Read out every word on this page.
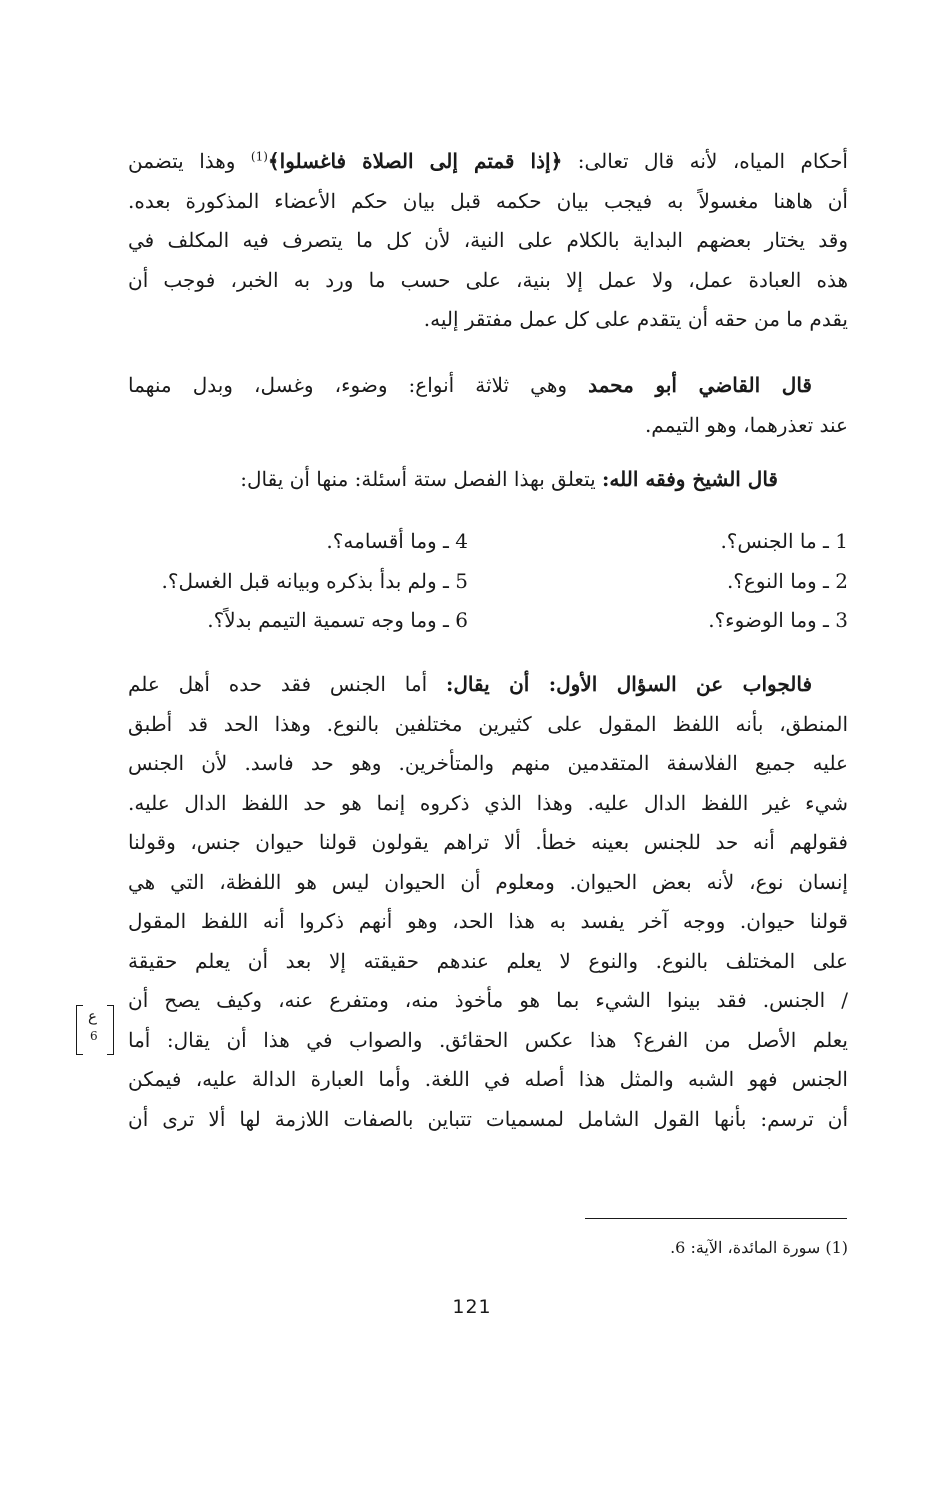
أحكام المياه، لأنه قال تعالى: ﴿إذا قمتم إلى الصلاة فاغسلوا﴾$^{(1)}$ وهذا يتضمن
أن هاهنا مغسولاً به فيجب بيان حكمه قبل بيان حكم الأعضاء المذكورة بعده.
وقد يختار بعضهم البداية بالكلام على النية، لأن كل ما يتصرف فيه المكلف في
هذه العبادة عمل، ولا عمل إلا بنية، على حسب ما ورد به الخبر، فوجب أن
يقدم ما من حقه أن يتقدم على كل عمل مفتقر إليه.
قال القاضي أبو محمد وهي ثلاثة أنواع: وضوء، وغسل، وبدل منهما
عند تعذرهما، وهو التيمم.
قال الشيخ وفقه الله: يتعلق بهذا الفصل ستة أسئلة: منها أن يقال:
1 ـ ما الجنس؟.
4 ـ وما أقسامه؟.
2 ـ وما النوع؟.
5 ـ ولم بدأ بذكره وبيانه قبل الغسل؟.
3 ـ وما الوضوء؟.
6 ـ وما وجه تسمية التيمم بدلاً؟.
فالجواب عن السؤال الأول: أن يقال: أما الجنس فقد حده أهل علم
المنطق، بأنه اللفظ المقول على كثيرين مختلفين بالنوع. وهذا الحد قد أطبق
عليه جميع الفلاسفة المتقدمين منهم والمتأخرين. وهو حد فاسد. لأن الجنس
شيء غير اللفظ الدال عليه. وهذا الذي ذكروه إنما هو حد اللفظ الدال عليه.
فقولهم أنه حد للجنس بعينه خطأ. ألا تراهم يقولون قولنا حيوان جنس، وقولنا
إنسان نوع، لأنه بعض الحيوان. ومعلوم أن الحيوان ليس هو اللفظة، التي هي
قولنا حيوان. ووجه آخر يفسد به هذا الحد، وهو أنهم ذكروا أنه اللفظ المقول
على المختلف بالنوع. والنوع لا يعلم عندهم حقيقته إلا بعد أن يعلم حقيقة
/ الجنس. فقد بينوا الشيء بما هو مأخوذ منه، ومتفرع عنه، وكيف يصح أن
يعلم الأصل من الفرع؟ هذا عكس الحقائق. والصواب في هذا أن يقال: أما
الجنس فهو الشبه والمثل هذا أصله في اللغة. وأما العبارة الدالة عليه، فيمكن
أن ترسم: بأنها القول الشامل لمسميات تتباين بالصفات اللازمة لها ألا ترى أن
ع
6
(1) سورة المائدة، الآية: 6.
121
